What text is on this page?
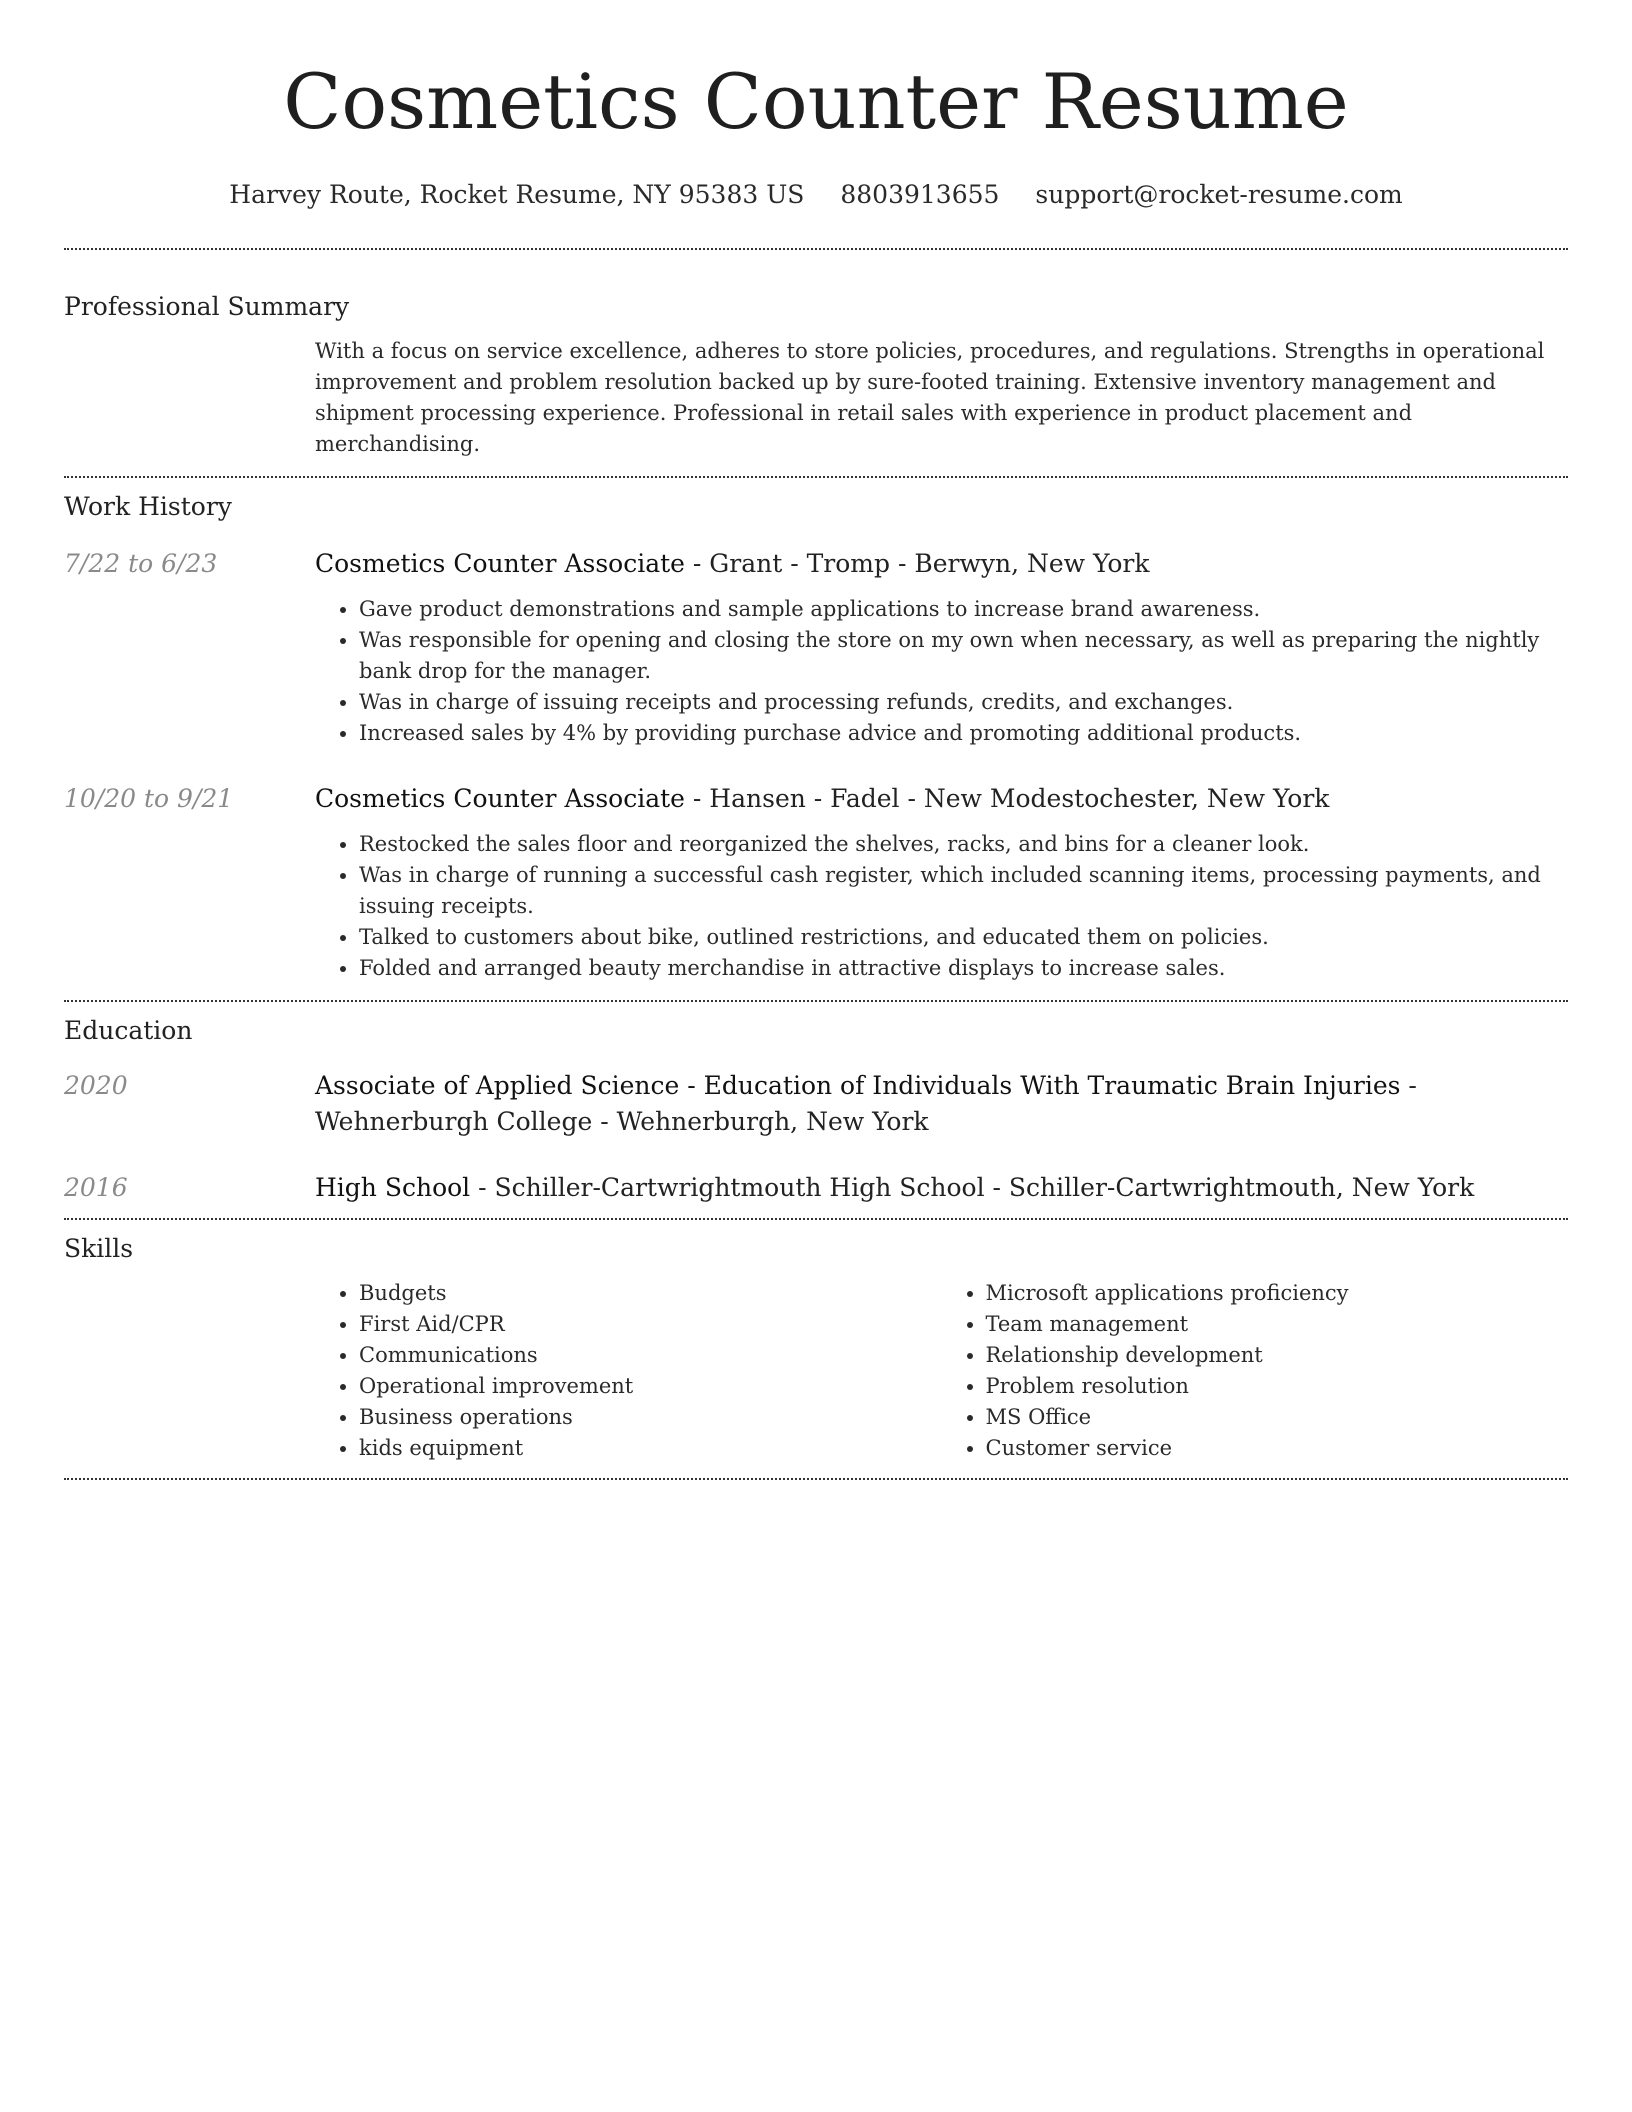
Cosmetics Counter Resume
Harvey Route, Rocket Resume, NY 95383 US 8803913655 support@rocket-resume.com
Professional Summary
With a focus on service excellence, adheres to store policies, procedures, and regulations. Strengths in operational improvement and problem resolution backed up by sure-footed training. Extensive inventory management and shipment processing experience. Professional in retail sales with experience in product placement and merchandising.
Work History
7/22 to 6/23	Cosmetics Counter Associate - Grant - Tromp - Berwyn, New York
• Gave product demonstrations and sample applications to increase brand awareness.
• Was responsible for opening and closing the store on my own when necessary, as well as preparing the nightly bank drop for the manager.
• Was in charge of issuing receipts and processing refunds, credits, and exchanges.
• Increased sales by 4% by providing purchase advice and promoting additional products.
10/20 to 9/21	Cosmetics Counter Associate - Hansen - Fadel - New Modestochester, New York
• Restocked the sales floor and reorganized the shelves, racks, and bins for a cleaner look.
• Was in charge of running a successful cash register, which included scanning items, processing payments, and issuing receipts.
• Talked to customers about bike, outlined restrictions, and educated them on policies.
• Folded and arranged beauty merchandise in attractive displays to increase sales.
Education
2020	Associate of Applied Science - Education of Individuals With Traumatic Brain Injuries - Wehnerburgh College - Wehnerburgh, New York
2016	High School - Schiller-Cartwrightmouth High School - Schiller-Cartwrightmouth, New York
Skills
• Budgets
• First Aid/CPR
• Communications
• Operational improvement
• Business operations
• kids equipment
• Microsoft applications proficiency
• Team management
• Relationship development
• Problem resolution
• MS Office
• Customer service
